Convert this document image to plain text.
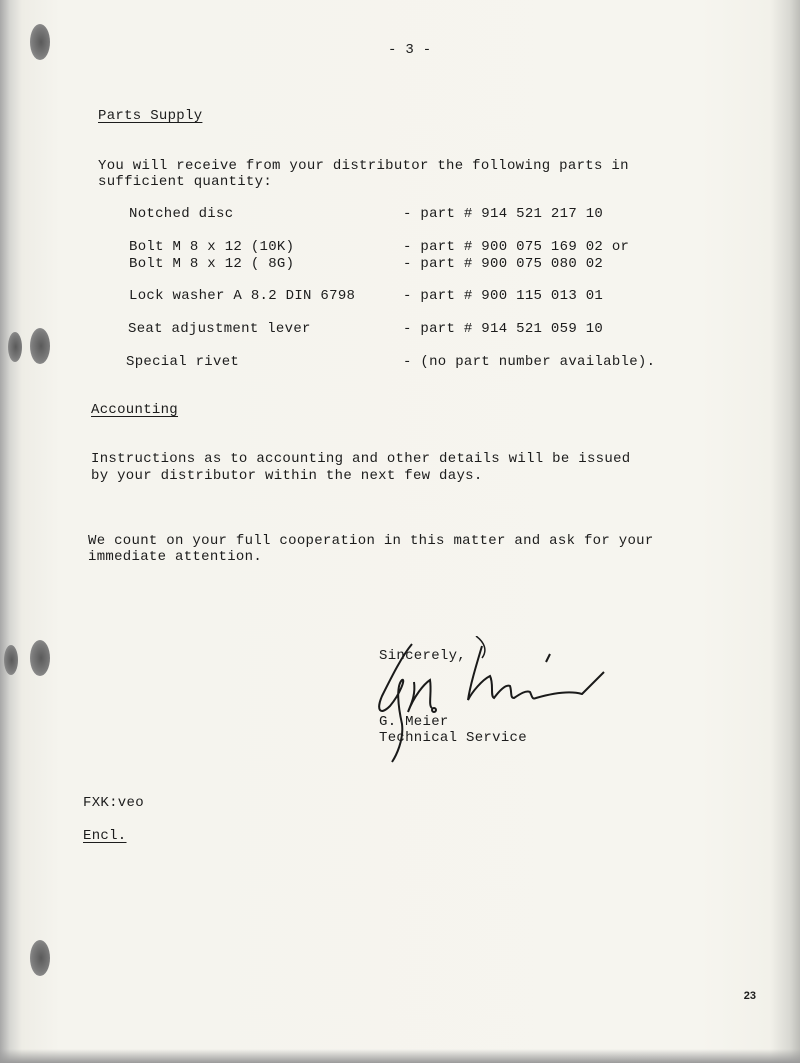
- 3 -
Parts Supply
You will receive from your distributor the following parts in
sufficient quantity:
Notched disc	- part # 914 521 217 10
Bolt M 8 x 12 (10K)	- part # 900 075 169 02 or
Bolt M 8 x 12 ( 8G)	- part # 900 075 080 02
Lock washer A 8.2 DIN 6798	- part # 900 115 013 01
Seat adjustment lever	- part # 914 521 059 10
Special rivet	- (no part number available).
Accounting
Instructions as to accounting and other details will be issued
by your distributor within the next few days.
We count on your full cooperation in this matter and ask for your
immediate attention.
Sincerely,
G. Meier
Technical Service
FXK:veo
Encl.
23
